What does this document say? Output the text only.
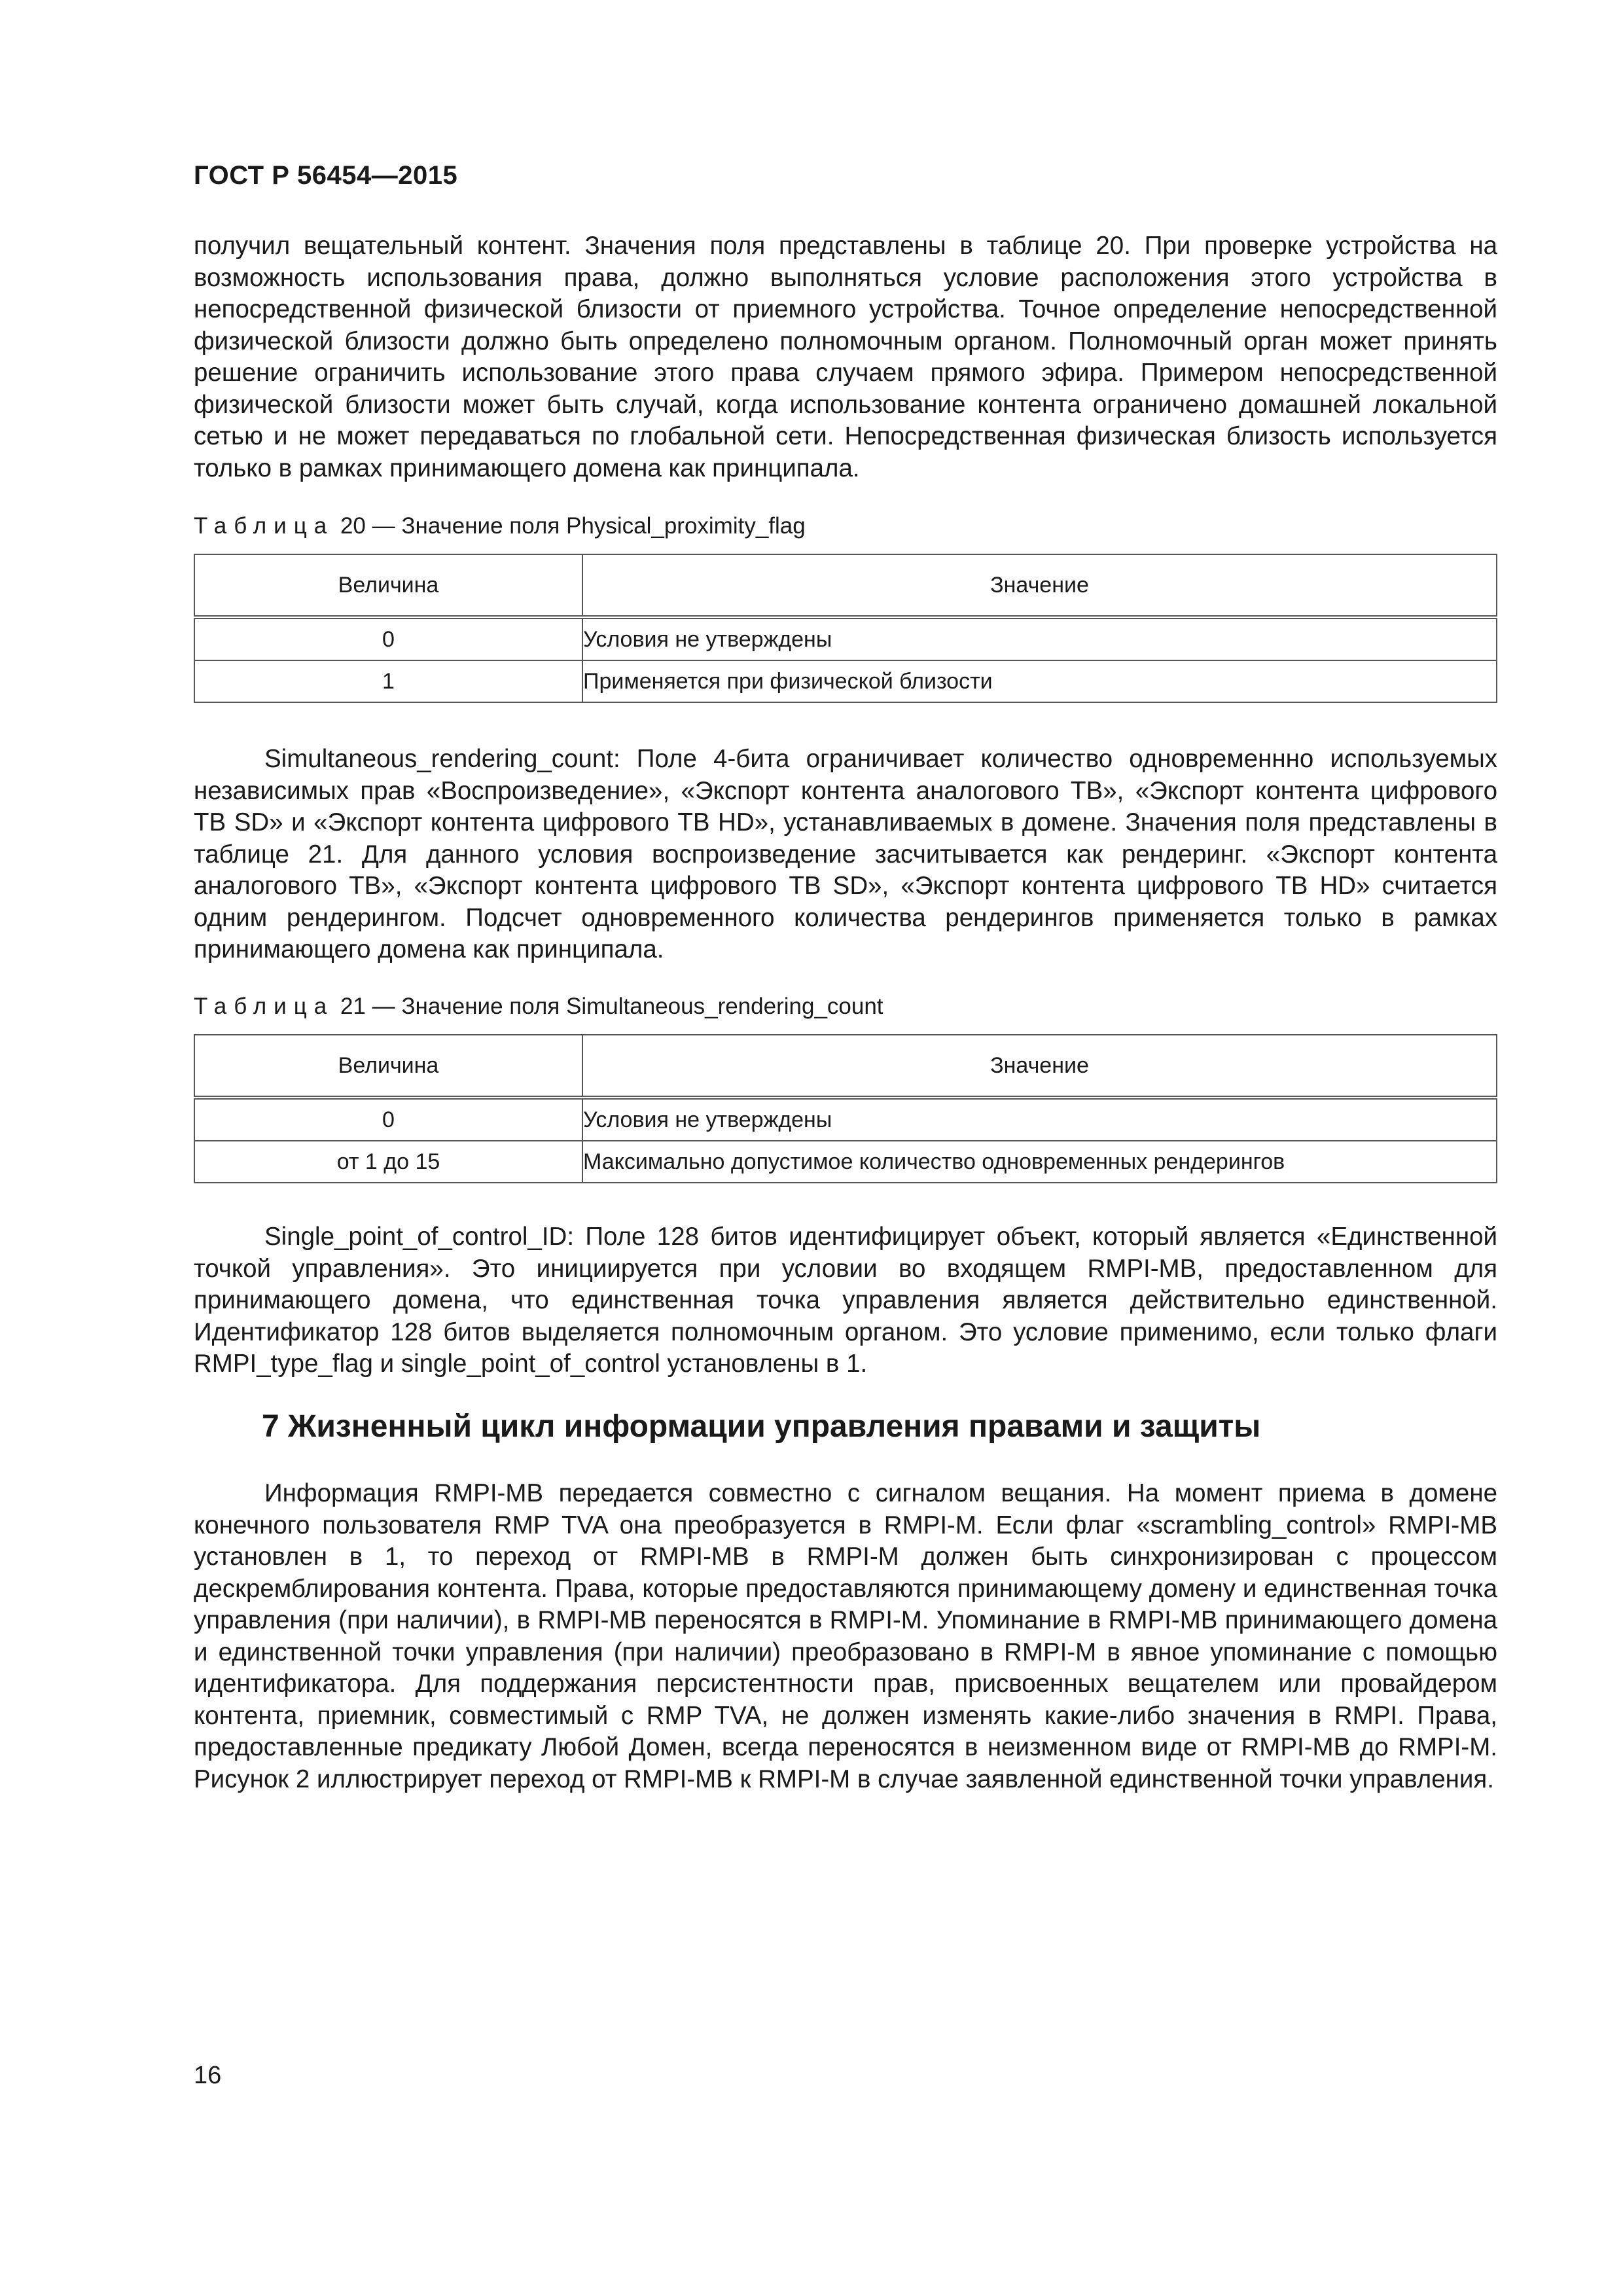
ГОСТ Р 56454—2015

получил вещательный контент. Значения поля представлены в таблице 20. При проверке устройства на возможность использования права, должно выполняться условие расположения этого устройства в непосредственной физической близости от приемного устройства. Точное определение непосредственной физической близости должно быть определено полномочным органом. Полномочный орган может принять решение ограничить использование этого права случаем прямого эфира. Примером непосредственной физической близости может быть случай, когда использование контента ограничено домашней локальной сетью и не может передаваться по глобальной сети. Непосредственная физическая близость используется только в рамках принимающего домена как принципала.

Таблица 20 — Значение поля Physical_proximity_flag
Величина	Значение
0	Условия не утверждены
1	Применяется при физической близости

Simultaneous_rendering_count: Поле 4-бита ограничивает количество одновременнно используемых независимых прав «Воспроизведение», «Экспорт контента аналогового ТВ», «Экспорт контента цифрового ТВ SD» и «Экспорт контента цифрового ТВ HD», устанавливаемых в домене. Значения поля представлены в таблице 21. Для данного условия воспроизведение засчитывается как рендеринг. «Экспорт контента аналогового ТВ», «Экспорт контента цифрового ТВ SD», «Экспорт контента цифрового ТВ HD» считается одним рендерингом. Подсчет одновременного количества рендерингов применяется только в рамках принимающего домена как принципала.

Таблица 21 — Значение поля Simultaneous_rendering_count
Величина	Значение
0	Условия не утверждены
от 1 до 15	Максимально допустимое количество одновременных рендерингов

Single_point_of_control_ID: Поле 128 битов идентифицирует объект, который является «Единственной точкой управления». Это инициируется при условии во входящем RMPI-MB, предоставленном для принимающего домена, что единственная точка управления является действительно единственной. Идентификатор 128 битов выделяется полномочным органом. Это условие применимо, если только флаги RMPI_type_flag и single_point_of_control установлены в 1.

7 Жизненный цикл информации управления правами и защиты

Информация RMPI-MB передается совместно с сигналом вещания. На момент приема в домене конечного пользователя RMP TVA она преобразуется в RMPI-M. Если флаг «scrambling_control» RMPI-MB установлен в 1, то переход от RMPI-MB в RMPI-M должен быть синхронизирован с процессом дескремблирования контента. Права, которые предоставляются принимающему домену и единственная точка управления (при наличии), в RMPI-MB переносятся в RMPI-M. Упоминание в RMPI-MB принимающего домена и единственной точки управления (при наличии) преобразовано в RMPI-M в явное упоминание с помощью идентификатора. Для поддержания персистентности прав, присвоенных вещателем или провайдером контента, приемник, совместимый с RMP TVA, не должен изменять какие-либо значения в RMPI. Права, предоставленные предикату Любой Домен, всегда переносятся в неизменном виде от RMPI-MB до RMPI-M. Рисунок 2 иллюстрирует переход от RMPI-MB к RMPI-M в случае заявленной единственной точки управления.

16
